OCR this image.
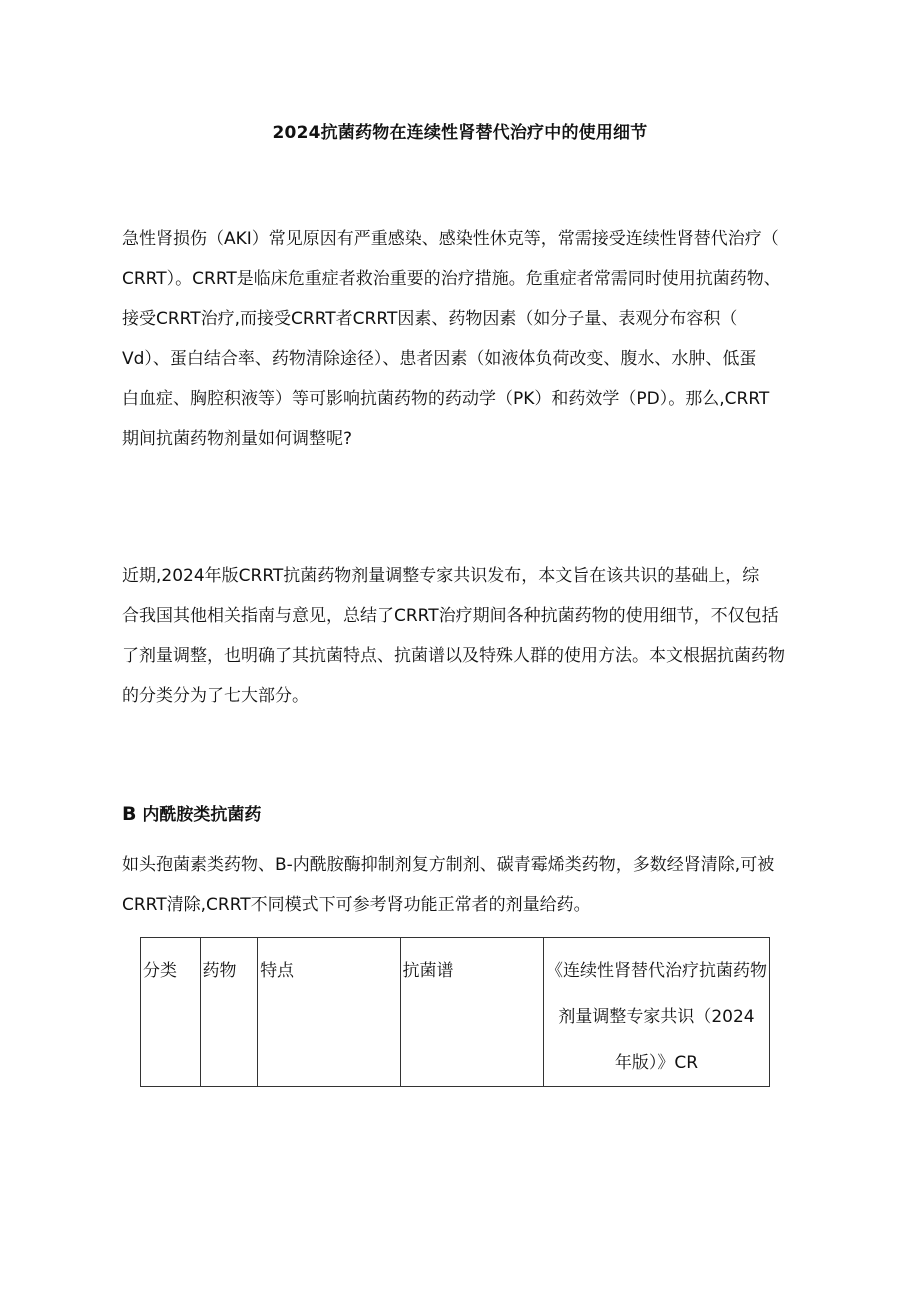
2024抗菌药物在连续性肾替代治疗中的使用细节
急性肾损伤（AKI）常见原因有严重感染、感染性休克等，常需接受连续性肾替代治疗（
CRRT）。CRRT是临床危重症者救治重要的治疗措施。危重症者常需同时使用抗菌药物、
接受CRRT治疗,而接受CRRT者CRRT因素、药物因素（如分子量、表观分布容积（
Vd）、蛋白结合率、药物清除途径）、患者因素（如液体负荷改变、腹水、水肿、低蛋
白血症、胸腔积液等）等可影响抗菌药物的药动学（PK）和药效学（PD）。那么,CRRT
期间抗菌药物剂量如何调整呢?
近期,2024年版CRRT抗菌药物剂量调整专家共识发布，本文旨在该共识的基础上，综
合我国其他相关指南与意见，总结了CRRT治疗期间各种抗菌药物的使用细节，不仅包括
了剂量调整，也明确了其抗菌特点、抗菌谱以及特殊人群的使用方法。本文根据抗菌药物
的分类分为了七大部分。
B 内酰胺类抗菌药
如头孢菌素类药物、B-内酰胺酶抑制剂复方制剂、碳青霉烯类药物，多数经肾清除,可被
CRRT清除,CRRT不同模式下可参考肾功能正常者的剂量给药。
分类	药物	特点	抗菌谱	《连续性肾替代治疗抗菌药物
剂量调整专家共识（2024
年版）》CR
